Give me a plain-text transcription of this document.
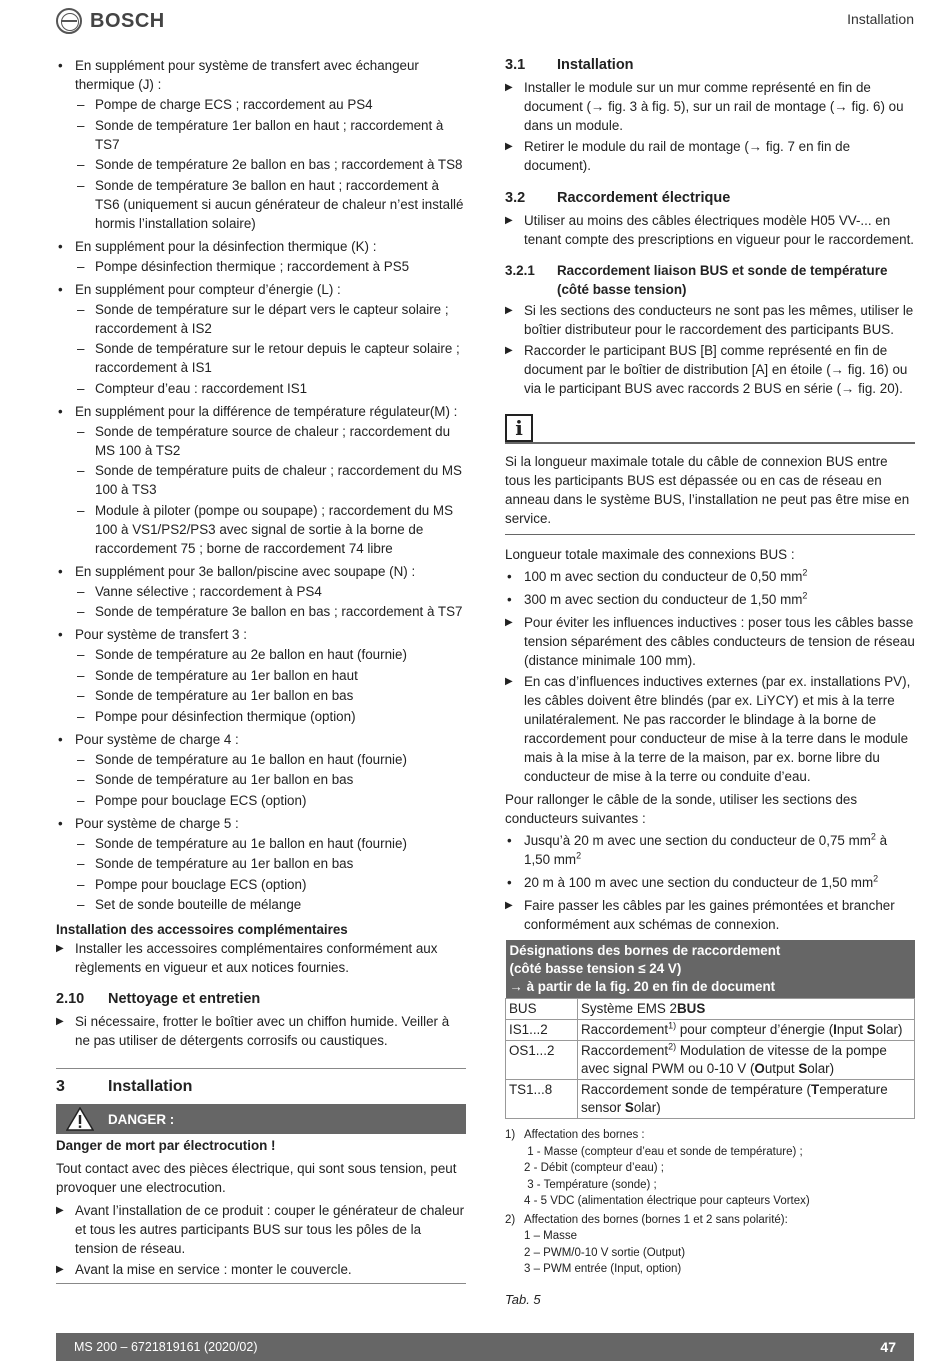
BOSCH	Installation
• En supplément pour système de transfert avec échangeur thermique (J) :
– Pompe de charge ECS ; raccordement au PS4
– Sonde de température 1er ballon en haut ; raccordement à TS7
– Sonde de température 2e ballon en bas ; raccordement à TS8
– Sonde de température 3e ballon en haut ; raccordement à TS6 (uniquement si aucun générateur de chaleur n’est installé hormis l’installation solaire)
• En supplément pour la désinfection thermique (K) :
– Pompe désinfection thermique ; raccordement à PS5
• En supplément pour compteur d’énergie (L) :
– Sonde de température sur le départ vers le capteur solaire ; raccordement à IS2
– Sonde de température sur le retour depuis le capteur solaire ; raccordement à IS1
– Compteur d’eau : raccordement IS1
• En supplément pour la différence de température régulateur(M) :
– Sonde de température source de chaleur ; raccordement du MS 100 à TS2
– Sonde de température puits de chaleur ; raccordement du MS 100 à TS3
– Module à piloter (pompe ou soupape) ; raccordement du MS 100 à VS1/PS2/PS3 avec signal de sortie à la borne de raccordement 75 ; borne de raccordement 74 libre
• En supplément pour 3e ballon/piscine avec soupape (N) :
– Vanne sélective ; raccordement à PS4
– Sonde de température 3e ballon en bas ; raccordement à TS7
• Pour système de transfert 3 :
– Sonde de température au 2e ballon en haut (fournie)
– Sonde de température au 1er ballon en haut
– Sonde de température au 1er ballon en bas
– Pompe pour désinfection thermique (option)
• Pour système de charge 4 :
– Sonde de température au 1e ballon en haut (fournie)
– Sonde de température au 1er ballon en bas
– Pompe pour bouclage ECS (option)
• Pour système de charge 5 :
– Sonde de température au 1e ballon en haut (fournie)
– Sonde de température au 1er ballon en bas
– Pompe pour bouclage ECS (option)
– Set de sonde bouteille de mélange
Installation des accessoires complémentaires
▶ Installer les accessoires complémentaires conformément aux règlements en vigueur et aux notices fournies.
2.10	Nettoyage et entretien
▶ Si nécessaire, frotter le boîtier avec un chiffon humide. Veiller à ne pas utiliser de détergents corrosifs ou caustiques.
3	Installation
DANGER :
Danger de mort par électrocution !
Tout contact avec des pièces électrique, qui sont sous tension, peut provoquer une electrocution.
▶ Avant l’installation de ce produit : couper le générateur de chaleur et tous les autres participants BUS sur tous les pôles de la tension de réseau.
▶ Avant la mise en service : monter le couvercle.
3.1	Installation
▶ Installer le module sur un mur comme représenté en fin de document (→ fig. 3 à fig. 5), sur un rail de montage (→ fig. 6) ou dans un module.
▶ Retirer le module du rail de montage (→ fig. 7 en fin de document).
3.2	Raccordement électrique
▶ Utiliser au moins des câbles électriques modèle H05 VV-... en tenant compte des prescriptions en vigueur pour le raccordement.
3.2.1	Raccordement liaison BUS et sonde de température (côté basse tension)
▶ Si les sections des conducteurs ne sont pas les mêmes, utiliser le boîtier distributeur pour le raccordement des participants BUS.
▶ Raccorder le participant BUS [B] comme représenté en fin de document par le boîtier de distribution [A] en étoile (→ fig. 16) ou via le participant BUS avec raccords 2 BUS en série (→ fig. 20).
i
Si la longueur maximale totale du câble de connexion BUS entre tous les participants BUS est dépassée ou en cas de réseau en anneau dans le système BUS, l’installation ne peut pas être mise en service.
Longueur totale maximale des connexions BUS :
• 100 m avec section du conducteur de 0,50 $mm^2$
• 300 m avec section du conducteur de 1,50 $mm^2$
▶ Pour éviter les influences inductives : poser tous les câbles basse tension séparément des câbles conducteurs de tension de réseau (distance minimale 100 mm).
▶ En cas d’influences inductives externes (par ex. installations PV), les câbles doivent être blindés (par ex. LiYCY) et mis à la terre unilatéralement. Ne pas raccorder le blindage à la borne de raccordement pour conducteur de mise à la terre dans le module mais à la mise à la terre de la maison, par ex. borne libre du conducteur de mise à la terre ou conduite d’eau.
Pour rallonger le câble de la sonde, utiliser les sections des conducteurs suivantes :
• Jusqu’à 20 m avec une section du conducteur de 0,75 $mm^2$ à 1,50 $mm^2$
• 20 m à 100 m avec une section du conducteur de 1,50 $mm^2$
▶ Faire passer les câbles par les gaines prémontées et brancher conformément aux schémas de connexion.
Désignations des bornes de raccordement
(côté basse tension ≤ 24 V)
→ à partir de la fig. 20 en fin de document	

BUS	Système EMS 2BUS
IS1...2	Raccordement$^{1)}$ pour compteur d’énergie (Input Solar)
OS1...2	Raccordement$^{2)}$ Modulation de vitesse de la pompe avec signal PWM ou 0-10 V (Output Solar)
TS1...8	Raccordement sonde de température (Temperature sensor Solar)
1) Affectation des bornes :
1 - Masse (compteur d’eau et sonde de température) ;
2 - Débit (compteur d’eau) ;
3 - Température (sonde) ;
4 - 5 VDC (alimentation électrique pour capteurs Vortex)
2) Affectation des bornes (bornes 1 et 2 sans polarité):
1 – Masse
2 – PWM/0-10 V sortie (Output)
3 – PWM entrée (Input, option)
Tab. 5
MS 200 – 6721819161 (2020/02)	47
